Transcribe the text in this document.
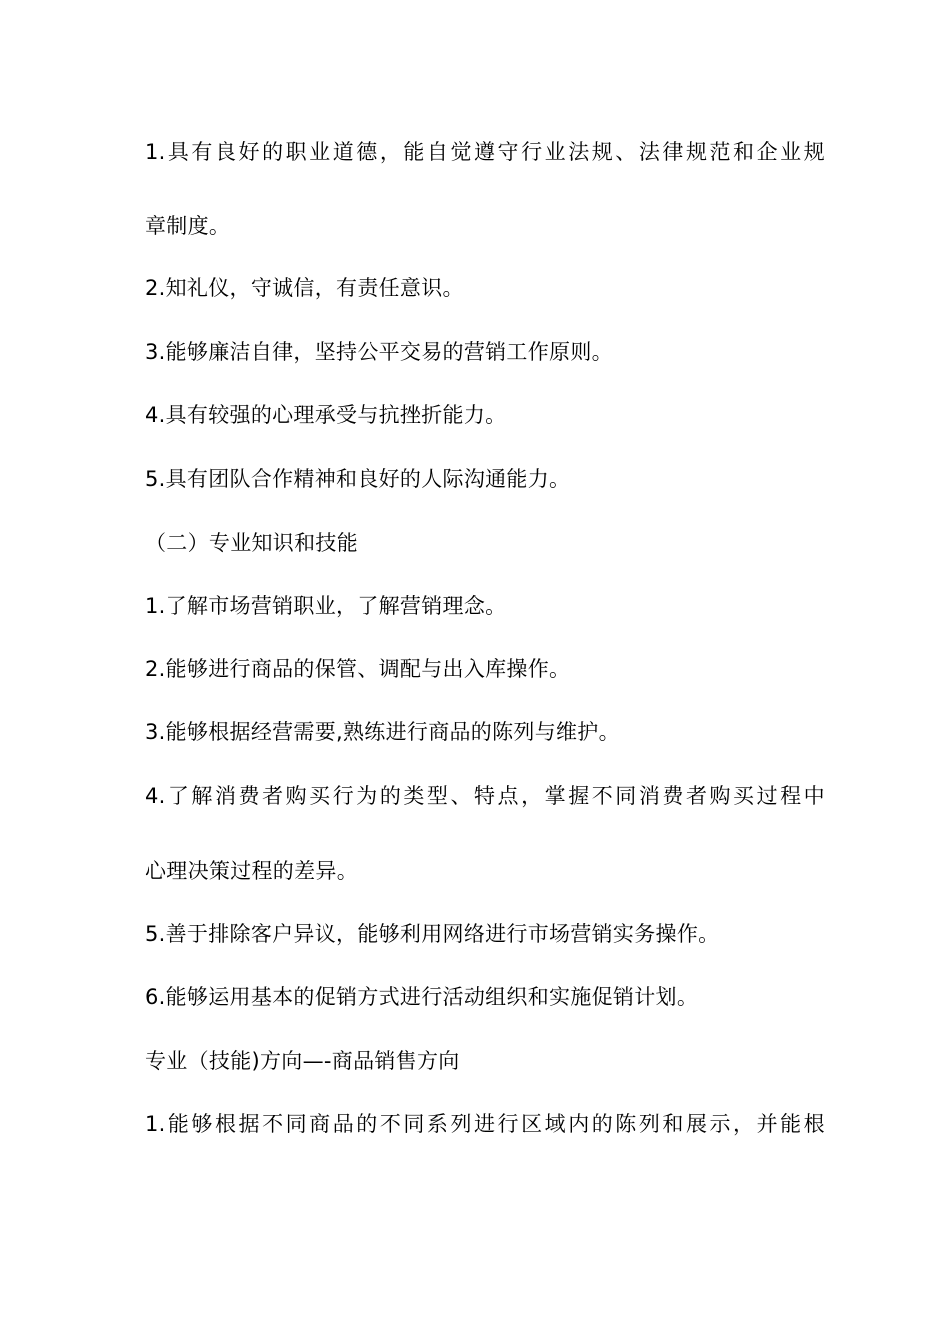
1.具有良好的职业道德，能自觉遵守行业法规、法律规范和企业规
章制度。
2.知礼仪，守诚信，有责任意识。
3.能够廉洁自律，坚持公平交易的营销工作原则。
4.具有较强的心理承受与抗挫折能力。
5.具有团队合作精神和良好的人际沟通能力。
（二）专业知识和技能
1.了解市场营销职业，了解营销理念。
2.能够进行商品的保管、调配与出入库操作。
3.能够根据经营需要,熟练进行商品的陈列与维护。
4.了解消费者购买行为的类型、特点，掌握不同消费者购买过程中
心理决策过程的差异。
5.善于排除客户异议，能够利用网络进行市场营销实务操作。
6.能够运用基本的促销方式进行活动组织和实施促销计划。
专业（技能)方向—-商品销售方向
1.能够根据不同商品的不同系列进行区域内的陈列和展示，并能根
